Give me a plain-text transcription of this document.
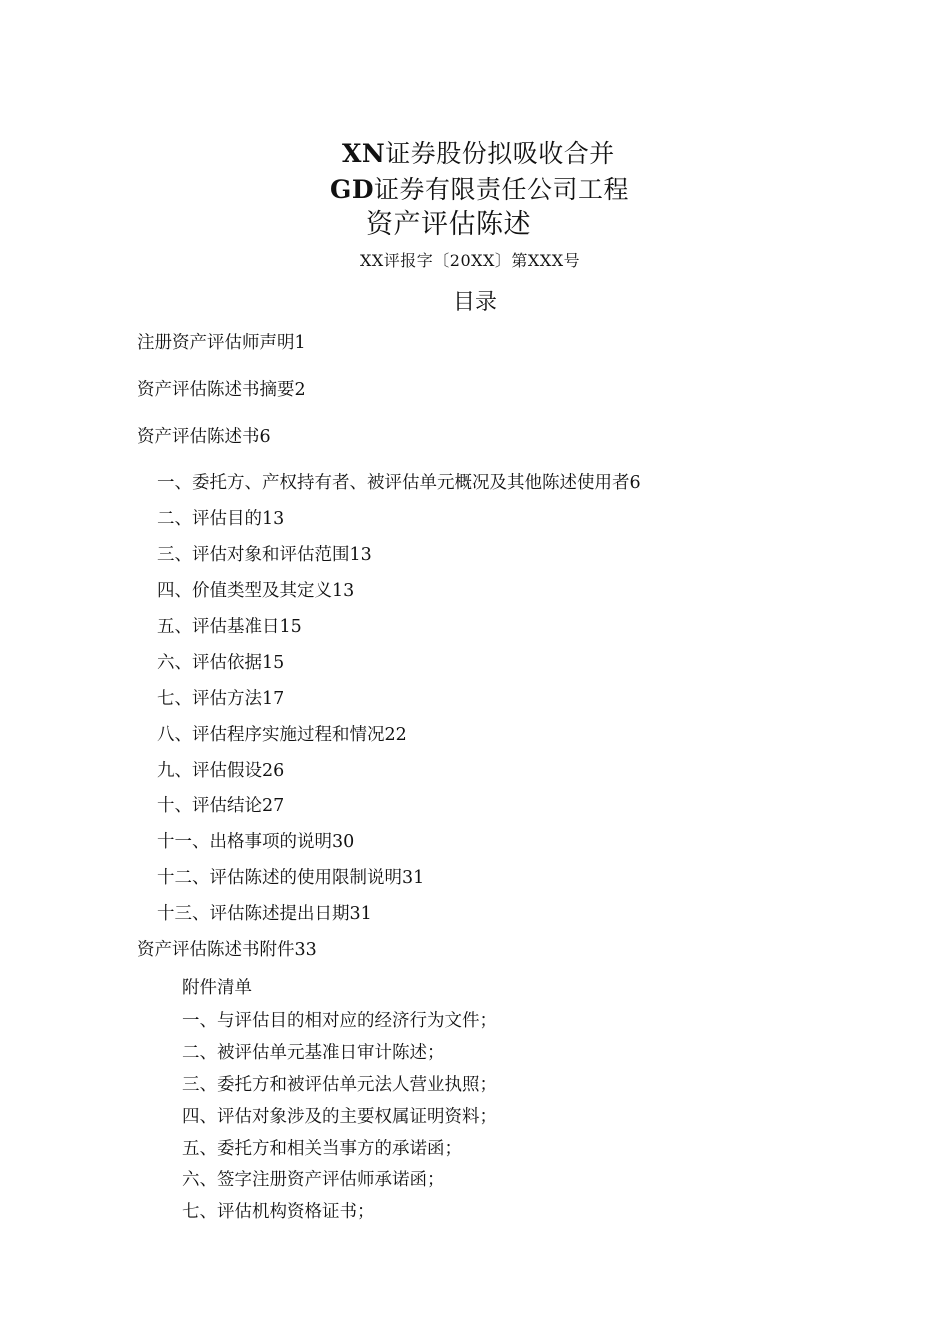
XN证券股份拟吸收合并
GD证券有限责任公司工程
资产评估陈述
XX评报字〔20XX〕第XXX号
目录
注册资产评估师声明1
资产评估陈述书摘要2
资产评估陈述书6
一、委托方、产权持有者、被评估单元概况及其他陈述使用者6
二、评估目的13
三、评估对象和评估范围13
四、价值类型及其定义13
五、评估基准日15
六、评估依据15
七、评估方法17
八、评估程序实施过程和情况22
九、评估假设26
十、评估结论27
十一、出格事项的说明30
十二、评估陈述的使用限制说明31
十三、评估陈述提出日期31
资产评估陈述书附件33
附件清单
一、与评估目的相对应的经济行为文件；
二、被评估单元基准日审计陈述；
三、委托方和被评估单元法人营业执照；
四、评估对象涉及的主要权属证明资料；
五、委托方和相关当事方的承诺函；
六、签字注册资产评估师承诺函；
七、评估机构资格证书；
